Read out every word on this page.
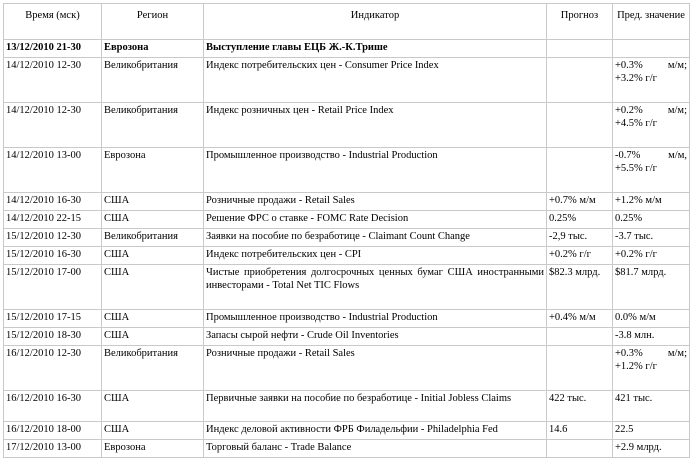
Время (мск)	Регион	Индикатор	Прогноз	Пред. значение
13/12/2010 21-30	Еврозона	Выступление главы ЕЦБ Ж.-К.Трише		
14/12/2010 12-30	Великобритания	Индекс потребительских цен - Consumer Price Index		+0.3% м/м; +3.2% г/г
14/12/2010 12-30	Великобритания	Индекс розничных цен - Retail Price Index		+0.2% м/м; +4.5% г/г
14/12/2010 13-00	Еврозона	Промышленное производство - Industrial Production		-0.7% м/м, +5.5% г/г
14/12/2010 16-30	США	Розничные продажи - Retail Sales	+0.7% м/м	+1.2% м/м
14/12/2010 22-15	США	Решение ФРС о ставке - FOMC Rate Decision	0.25%	0.25%
15/12/2010 12-30	Великобритания	Заявки на пособие по безработице - Claimant Count Change	-2,9 тыс.	-3.7 тыс.
15/12/2010 16-30	США	Индекс потребительских цен - CPI	+0.2% г/г	+0.2% г/г
15/12/2010 17-00	США	Чистые приобретения долгосрочных ценных бумаг США иностранными инвесторами - Total Net TIC Flows	$82.3 млрд.	$81.7 млрд.
15/12/2010 17-15	США	Промышленное производство - Industrial Production	+0.4% м/м	0.0% м/м
15/12/2010 18-30	США	Запасы сырой нефти - Crude Oil Inventories		-3.8 млн.
16/12/2010 12-30	Великобритания	Розничные продажи - Retail Sales		+0.3% м/м; +1.2% г/г
16/12/2010 16-30	США	Первичные заявки на пособие по безработице - Initial Jobless Claims	422 тыс.	421 тыс.
16/12/2010 18-00	США	Индекс деловой активности ФРБ Филадельфии - Philadelphia Fed	14.6	22.5
17/12/2010 13-00	Еврозона	Торговый баланс - Trade Balance		+2.9 млрд.
